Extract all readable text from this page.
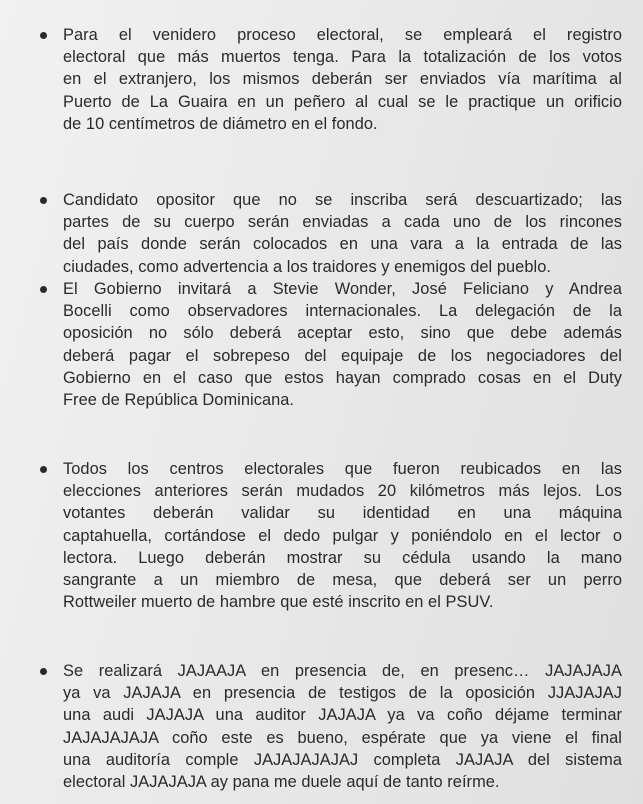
Para el venidero proceso electoral, se empleará el registro
electoral que más muertos tenga. Para la totalización de los votos
en el extranjero, los mismos deberán ser enviados vía marítima al
Puerto de La Guaira en un peñero al cual se le practique un orificio
de 10 centímetros de diámetro en el fondo.
Candidato opositor que no se inscriba será descuartizado; las
partes de su cuerpo serán enviadas a cada uno de los rincones
del país donde serán colocados en una vara a la entrada de las
ciudades, como advertencia a los traidores y enemigos del pueblo.
El Gobierno invitará a Stevie Wonder, José Feliciano y Andrea
Bocelli como observadores internacionales. La delegación de la
oposición no sólo deberá aceptar esto, sino que debe además
deberá pagar el sobrepeso del equipaje de los negociadores del
Gobierno en el caso que estos hayan comprado cosas en el Duty
Free de República Dominicana.
Todos los centros electorales que fueron reubicados en las
elecciones anteriores serán mudados 20 kilómetros más lejos. Los
votantes deberán validar su identidad en una máquina
captahuella, cortándose el dedo pulgar y poniéndolo en el lector o
lectora. Luego deberán mostrar su cédula usando la mano
sangrante a un miembro de mesa, que deberá ser un perro
Rottweiler muerto de hambre que esté inscrito en el PSUV.
Se realizará JAJAAJA en presencia de, en presenc… JAJAJAJA
ya va JAJAJA en presencia de testigos de la oposición JJAJAJAJ
una audi JAJAJA una auditor JAJAJA ya va coño déjame terminar
JAJAJAJAJA coño este es bueno, espérate que ya viene el final
una auditoría comple JAJAJAJAJAJ completa JAJAJA del sistema
electoral JAJAJAJA ay pana me duele aquí de tanto reírme.
